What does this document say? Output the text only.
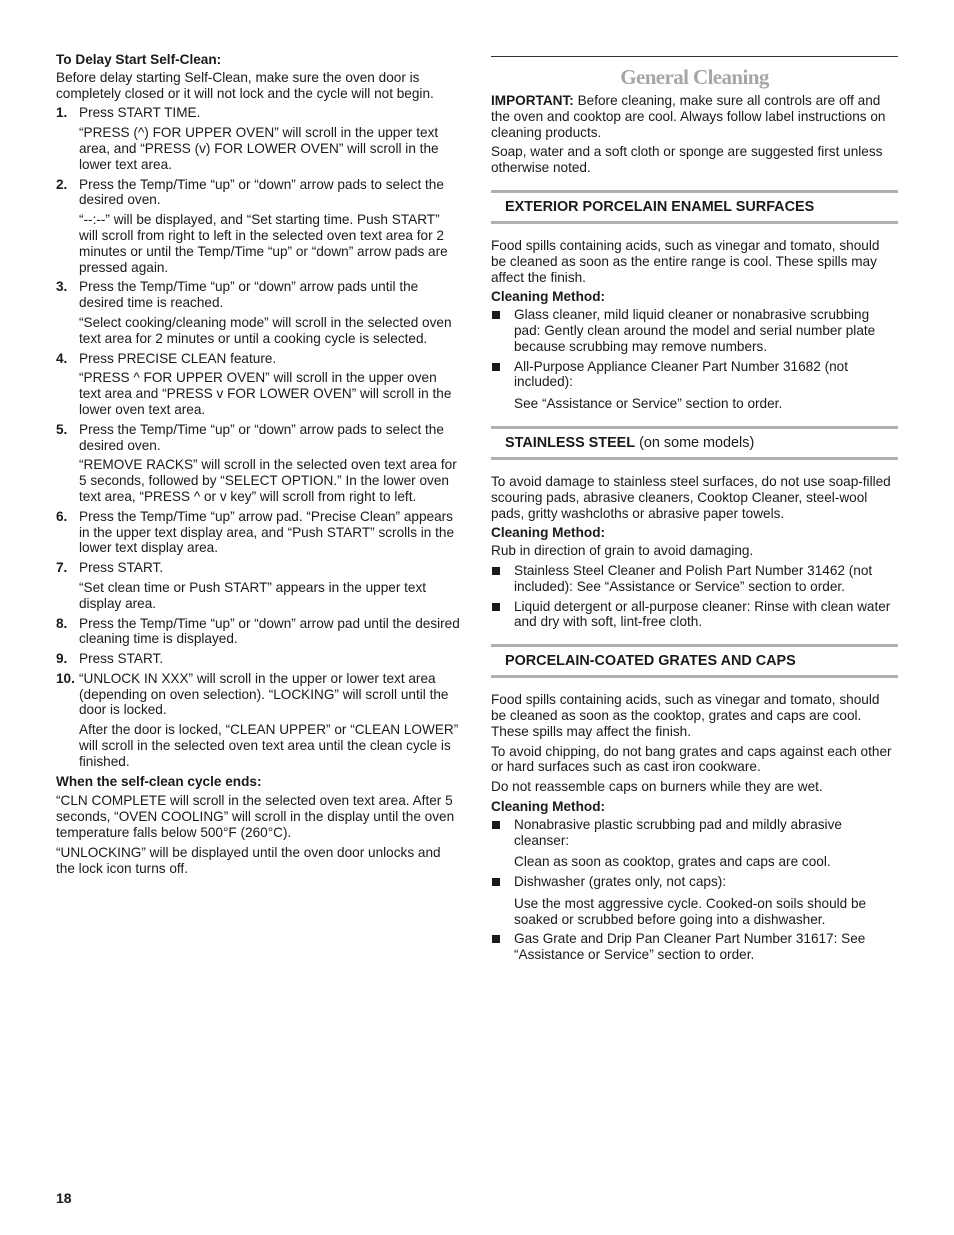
To Delay Start Self-Clean:

Before delay starting Self-Clean, make sure the oven door is completely closed or it will not lock and the cycle will not begin.

1. Press START TIME.
“PRESS (^) FOR UPPER OVEN” will scroll in the upper text area, and “PRESS (v) FOR LOWER OVEN” will scroll in the lower text area.
2. Press the Temp/Time “up” or “down” arrow pads to select the desired oven.
“--:--” will be displayed, and “Set starting time. Push START” will scroll from right to left in the selected oven text area for 2 minutes or until the Temp/Time “up” or “down” arrow pads are pressed again.
3. Press the Temp/Time “up” or “down” arrow pads until the desired time is reached.
“Select cooking/cleaning mode” will scroll in the selected oven text area for 2 minutes or until a cooking cycle is selected.
4. Press PRECISE CLEAN feature.
“PRESS ^ FOR UPPER OVEN” will scroll in the upper oven text area and “PRESS v FOR LOWER OVEN” will scroll in the lower oven text area.
5. Press the Temp/Time “up” or “down” arrow pads to select the desired oven.
“REMOVE RACKS” will scroll in the selected oven text area for 5 seconds, followed by “SELECT OPTION.” In the lower oven text area, “PRESS ^ or v key” will scroll from right to left.
6. Press the Temp/Time “up” arrow pad. “Precise Clean” appears in the upper text display area, and “Push START” scrolls in the lower text display area.
7. Press START.
“Set clean time or Push START” appears in the upper text display area.
8. Press the Temp/Time “up” or “down” arrow pad until the desired cleaning time is displayed.
9. Press START.
10. “UNLOCK IN XXX” will scroll in the upper or lower text area (depending on oven selection). “LOCKING” will scroll until the door is locked.
After the door is locked, “CLEAN UPPER” or “CLEAN LOWER” will scroll in the selected oven text area until the clean cycle is finished.

When the self-clean cycle ends:

“CLN COMPLETE will scroll in the selected oven text area. After 5 seconds, “OVEN COOLING” will scroll in the display until the oven temperature falls below 500°F (260°C).

“UNLOCKING” will be displayed until the oven door unlocks and the lock icon turns off.

General Cleaning

IMPORTANT: Before cleaning, make sure all controls are off and the oven and cooktop are cool. Always follow label instructions on cleaning products.

Soap, water and a soft cloth or sponge are suggested first unless otherwise noted.

EXTERIOR PORCELAIN ENAMEL SURFACES

Food spills containing acids, such as vinegar and tomato, should be cleaned as soon as the entire range is cool. These spills may affect the finish.

Cleaning Method:

Glass cleaner, mild liquid cleaner or nonabrasive scrubbing pad: Gently clean around the model and serial number plate because scrubbing may remove numbers.
All-Purpose Appliance Cleaner Part Number 31682 (not included):
See “Assistance or Service” section to order.
STAINLESS STEEL (on some models)

To avoid damage to stainless steel surfaces, do not use soap-filled scouring pads, abrasive cleaners, Cooktop Cleaner, steel-wool pads, gritty washcloths or abrasive paper towels.

Cleaning Method:

Rub in direction of grain to avoid damaging.

Stainless Steel Cleaner and Polish Part Number 31462 (not included): See “Assistance or Service” section to order.
Liquid detergent or all-purpose cleaner: Rinse with clean water and dry with soft, lint-free cloth.
PORCELAIN-COATED GRATES AND CAPS

Food spills containing acids, such as vinegar and tomato, should be cleaned as soon as the cooktop, grates and caps are cool. These spills may affect the finish.

To avoid chipping, do not bang grates and caps against each other or hard surfaces such as cast iron cookware.

Do not reassemble caps on burners while they are wet.

Cleaning Method:

Nonabrasive plastic scrubbing pad and mildly abrasive cleanser:
Clean as soon as cooktop, grates and caps are cool.
Dishwasher (grates only, not caps):
Use the most aggressive cycle. Cooked-on soils should be soaked or scrubbed before going into a dishwasher.
Gas Grate and Drip Pan Cleaner Part Number 31617: See “Assistance or Service” section to order.
18
